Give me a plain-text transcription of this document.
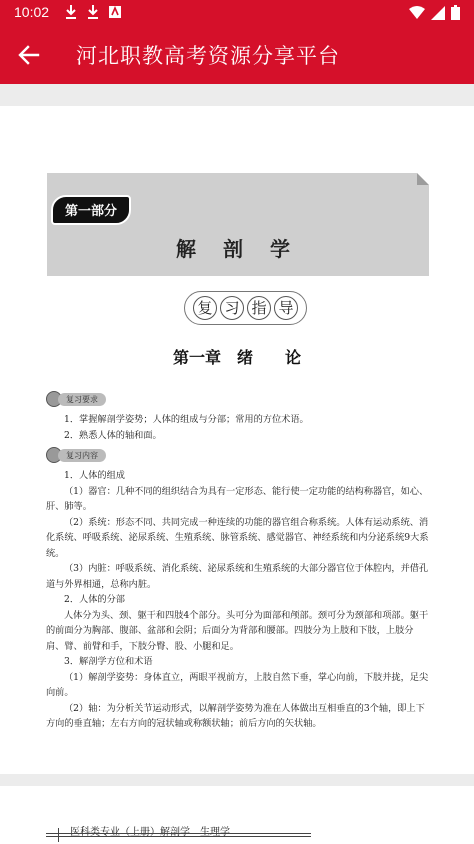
10:02
河北职教高考资源分享平台
第一部分
解 剖 学
复 习 指 导
第一章　绪　　论
复习要求

1．掌握解剖学姿势；人体的组成与分部；常用的方位术语。

2．熟悉人体的轴和面。

复习内容

1．人体的组成

（1）器官：几种不同的组织结合为具有一定形态、能行使一定功能的结构称器官，如心、肝、肺等。

（2）系统：形态不同、共同完成一种连续的功能的器官组合称系统。人体有运动系统、消化系统、呼吸系统、泌尿系统、生殖系统、脉管系统、感觉器官、神经系统和内分泌系统9大系统。

（3）内脏：呼吸系统、消化系统、泌尿系统和生殖系统的大部分器官位于体腔内，并借孔道与外界相通，总称内脏。

2．人体的分部

人体分为头、颈、躯干和四肢4个部分。头可分为面部和颅部。颈可分为颈部和项部。躯干的前面分为胸部、腹部、盆部和会阴；后面分为背部和腰部。四肢分为上肢和下肢，上肢分肩、臂、前臂和手，下肢分臀、股、小腿和足。

3．解剖学方位和术语

（1）解剖学姿势：身体直立，两眼平视前方，上肢自然下垂，掌心向前，下肢并拢，足尖向前。

（2）轴：为分析关节运动形式，以解剖学姿势为准在人体做出互相垂直的3个轴，即上下方向的垂直轴；左右方向的冠状轴或称额状轴；前后方向的矢状轴。
